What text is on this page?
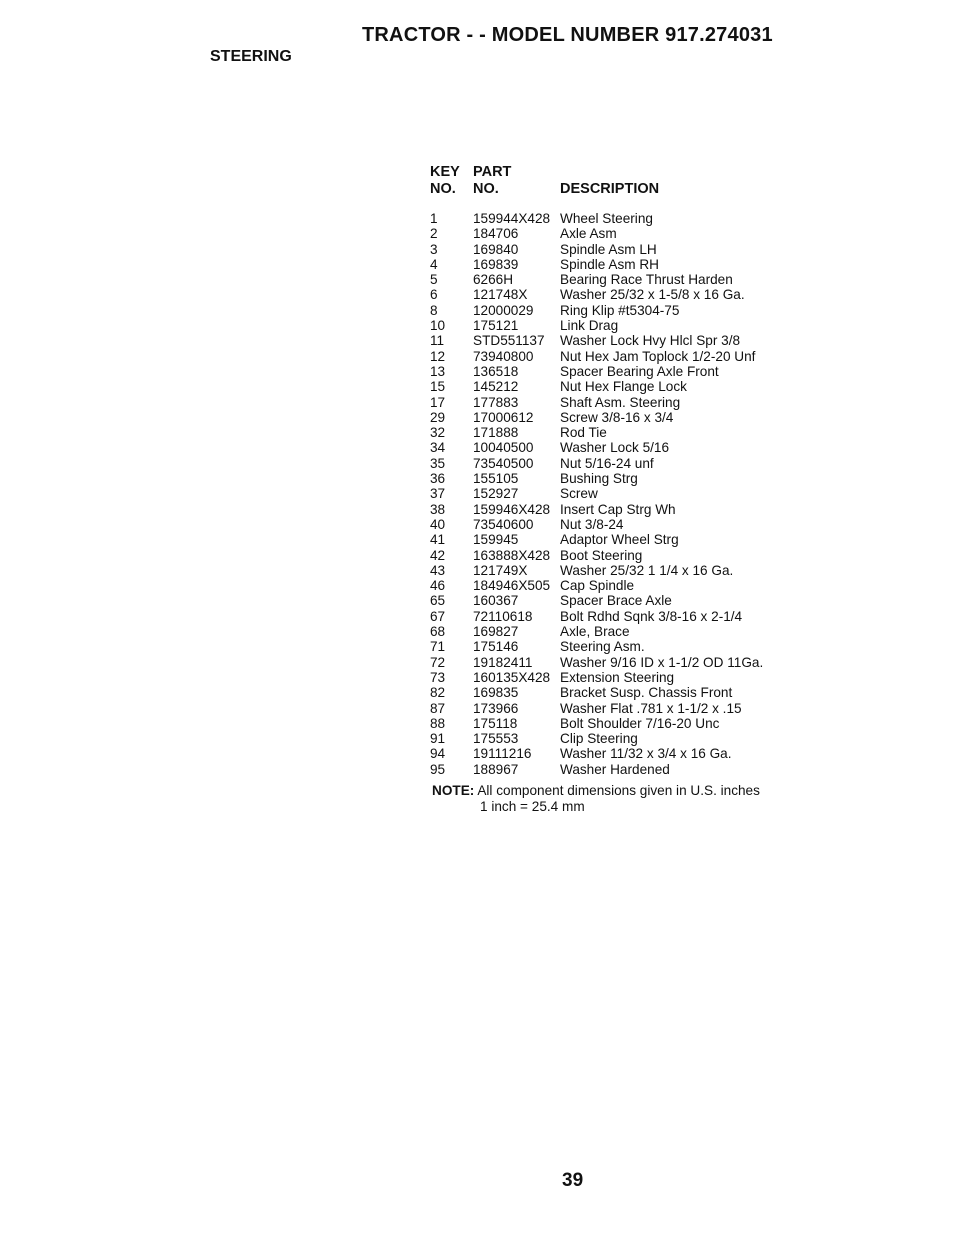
TRACTOR - - MODEL NUMBER 917.274031
STEERING
KEY
NO.
PART
NO.	DESCRIPTION
1	159944X428 Wheel Steering
2	184706	Axle Asm
3	169840	Spindle Asm LH
4	169839	Spindle Asm RH
5	6266H	Bearing Race Thrust Harden
6	121748X Washer 25/32 x 1-5/8 x 16 Ga.
8	12000029 Ring Klip #t5304-75
10 175121	Link Drag
11 STD551137 Washer Lock Hvy Hlcl Spr 3/8
12 73940800 Nut Hex Jam Toplock 1/2-20 Unf
13 136518	Spacer Bearing Axle Front
15 145212	Nut Hex Flange Lock
17 177883	Shaft Asm. Steering
29 17000612 Screw 3/8-16 x 3/4
32 171888	Rod Tie
34 10040500 Washer Lock 5/16
35 73540500 Nut 5/16-24 unf
36 155105	Bushing Strg
37 152927	Screw
38 159946X428 Insert Cap Strg Wh
40 73540600 Nut 3/8-24
41 159945	Adaptor Wheel Strg
42 163888X428 Boot Steering
43 121749X Washer 25/32 1 1/4 x 16 Ga.
46 184946X505 Cap Spindle
65 160367	Spacer Brace Axle
67 72110618 Bolt Rdhd Sqnk 3/8-16 x 2-1/4
68 169827	Axle, Brace
71 175146	Steering Asm.
72 19182411 Washer 9/16 ID x 1-1/2 OD 11Ga.
73 160135X428 Extension Steering
82 169835	Bracket Susp. Chassis Front
87 173966	Washer Flat .781 x 1-1/2 x .15
88 175118	Bolt Shoulder 7/16-20 Unc
91 175553	Clip Steering
94 19111216 Washer 11/32 x 3/4 x 16 Ga.
95 188967	Washer Hardened
NOTE: All component dimensions given in U.S. inches
1 inch = 25.4 mm
39
